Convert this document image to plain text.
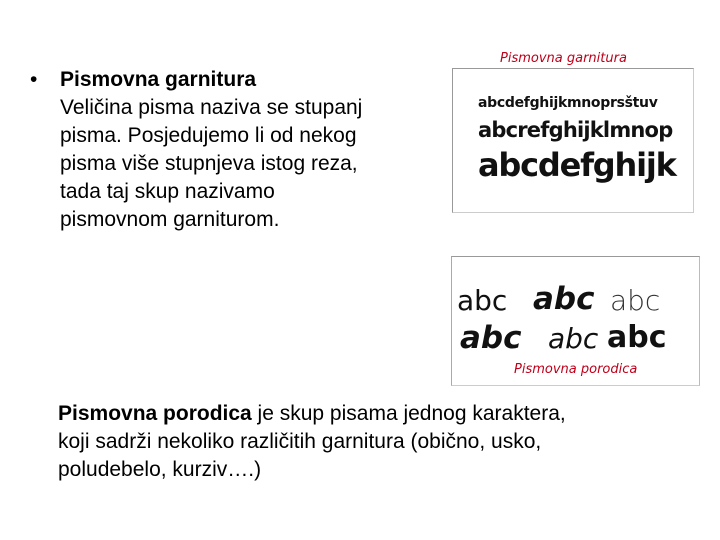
•	Pismovna garnitura
Veličina pisma naziva se stupanj
pisma. Posjedujemo li od nekog
pisma više stupnjeva istog reza,
tada taj skup nazivamo
pismovnom garniturom.
Pismovna garnitura
abcdefghijkmnoprsštuv
abcrefghijklmnop
abcdefghijk
abc abc abc
abc abc abc
Pismovna porodica
Pismovna porodica je skup pisama jednog karaktera,
koji sadrži nekoliko različitih garnitura (obično, usko,
poludebelo, kurziv….)
